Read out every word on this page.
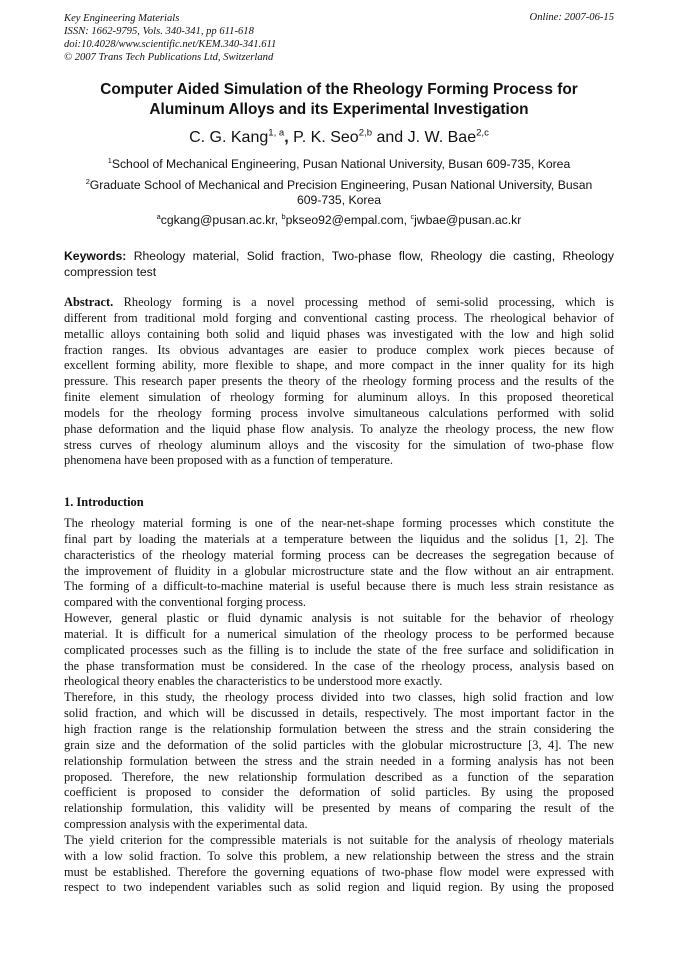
Key Engineering Materials
ISSN: 1662-9795, Vols. 340-341, pp 611-618
doi:10.4028/www.scientific.net/KEM.340-341.611
© 2007 Trans Tech Publications Ltd, Switzerland
Online: 2007-06-15
Computer Aided Simulation of the Rheology Forming Process for
Aluminum Alloys and its Experimental Investigation
C. G. Kang$^{1, a}$, P. K. Seo$^{2,b}$ and J. W. Bae$^{2,c}$
$^1$School of Mechanical Engineering, Pusan National University, Busan 609-735, Korea
$^2$Graduate School of Mechanical and Precision Engineering, Pusan National University, Busan
609-735, Korea
$^a$cgkang@pusan.ac.kr, $^b$pkseo92@empal.com, $^c$jwbae@pusan.ac.kr
Keywords: Rheology material, Solid fraction, Two-phase flow, Rheology die casting, Rheology
compression test
Abstract. Rheology forming is a novel processing method of semi-solid processing, which is
different from traditional mold forging and conventional casting process. The rheological behavior of
metallic alloys containing both solid and liquid phases was investigated with the low and high solid
fraction ranges. Its obvious advantages are easier to produce complex work pieces because of
excellent forming ability, more flexible to shape, and more compact in the inner quality for its high
pressure. This research paper presents the theory of the rheology forming process and the results of the
finite element simulation of rheology forming for aluminum alloys. In this proposed theoretical
models for the rheology forming process involve simultaneous calculations performed with solid
phase deformation and the liquid phase flow analysis. To analyze the rheology process, the new flow
stress curves of rheology aluminum alloys and the viscosity for the simulation of two-phase flow
phenomena have been proposed with as a function of temperature.
1. Introduction
The rheology material forming is one of the near-net-shape forming processes which constitute the
final part by loading the materials at a temperature between the liquidus and the solidus [1, 2]. The
characteristics of the rheology material forming process can be decreases the segregation because of
the improvement of fluidity in a globular microstructure state and the flow without an air entrapment.
The forming of a difficult-to-machine material is useful because there is much less strain resistance as
compared with the conventional forging process.
However, general plastic or fluid dynamic analysis is not suitable for the behavior of rheology
material. It is difficult for a numerical simulation of the rheology process to be performed because
complicated processes such as the filling is to include the state of the free surface and solidification in
the phase transformation must be considered. In the case of the rheology process, analysis based on
rheological theory enables the characteristics to be understood more exactly.
Therefore, in this study, the rheology process divided into two classes, high solid fraction and low
solid fraction, and which will be discussed in details, respectively. The most important factor in the
high fraction range is the relationship formulation between the stress and the strain considering the
grain size and the deformation of the solid particles with the globular microstructure [3, 4]. The new
relationship formulation between the stress and the strain needed in a forming analysis has not been
proposed. Therefore, the new relationship formulation described as a function of the separation
coefficient is proposed to consider the deformation of solid particles. By using the proposed
relationship formulation, this validity will be presented by means of comparing the result of the
compression analysis with the experimental data.
The yield criterion for the compressible materials is not suitable for the analysis of rheology materials
with a low solid fraction. To solve this problem, a new relationship between the stress and the strain
must be established. Therefore the governing equations of two-phase flow model were expressed with
respect to two independent variables such as solid region and liquid region. By using the proposed
